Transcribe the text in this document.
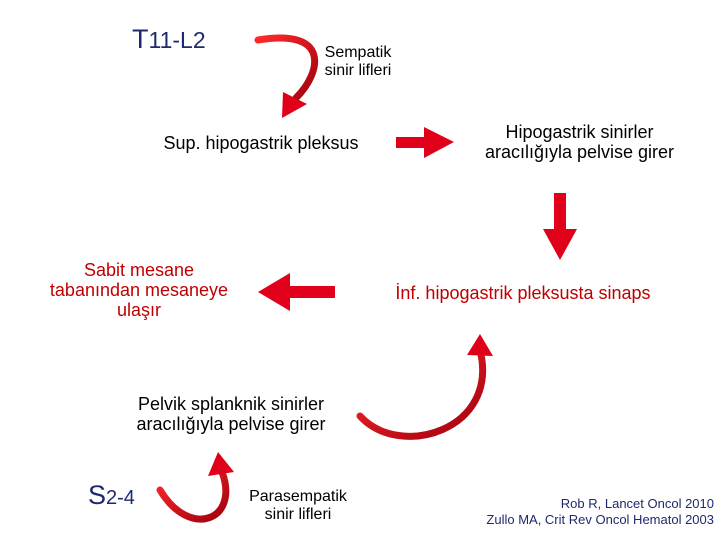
T11-L2	Sempatik
sinir lifleri
Sup. hipogastrik pleksus
Hipogastrik sinirler
aracılığıyla pelvise girer
Sabit mesane
tabanından mesaneye
ulaşır
İnf. hipogastrik pleksusta sinaps
Pelvik splanknik sinirler
aracılığıyla pelvise girer
S2-4	Parasempatik
sinir lifleri
Rob R, Lancet Oncol 2010
Zullo MA, Crit Rev Oncol Hematol 2003
